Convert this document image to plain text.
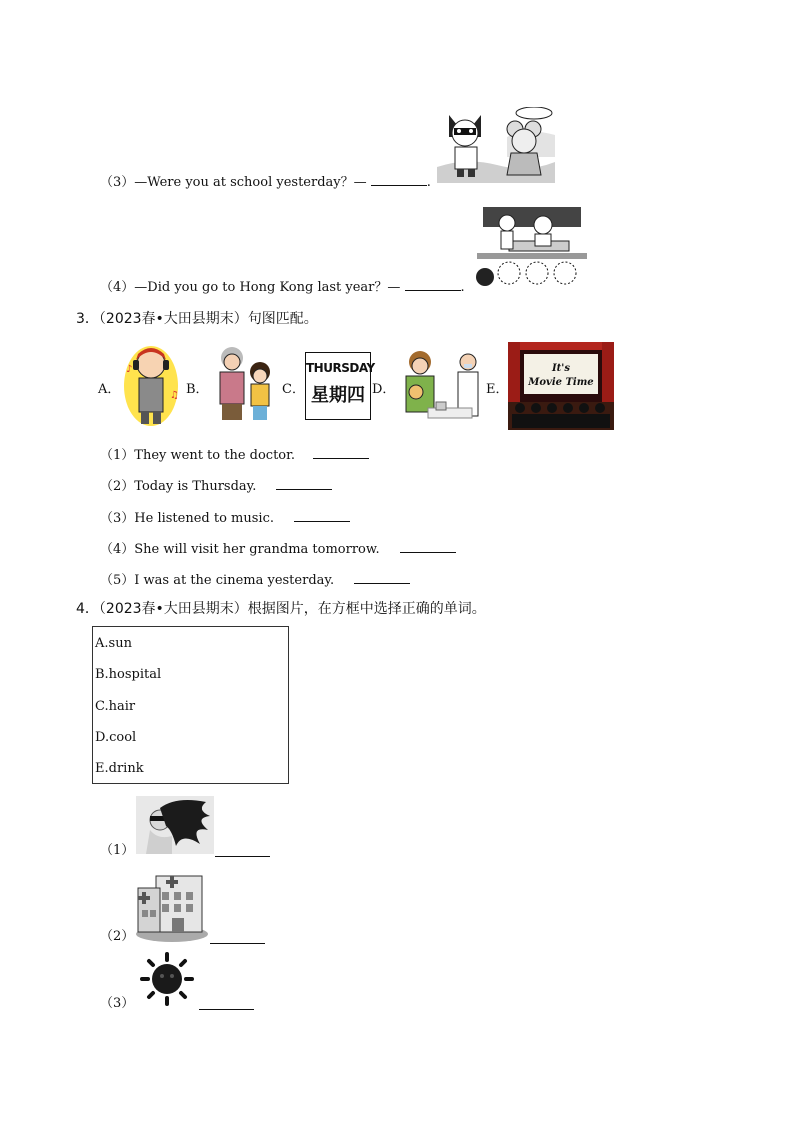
（3）—Were you at school yesterday？—	.
（4）—Did you go to Hong Kong last year？—	.
3．（2023春•大田县期末）句图匹配。
A．
♪
♫ B．	C．
THURSDAY
星期四 D．	E．
It's
Movie Time
（1）They went to the doctor.
（2）Today is Thursday.
（3）He listened to music.
（4）She will visit her grandma tomorrow.
（5）I was at the cinema yesterday.
4．（2023春•大田县期末）根据图片，在方框中选择正确的单词。
A.sun
B.hospital
C.hair
D.cool
E.drink
（1）
（2）
（3）
